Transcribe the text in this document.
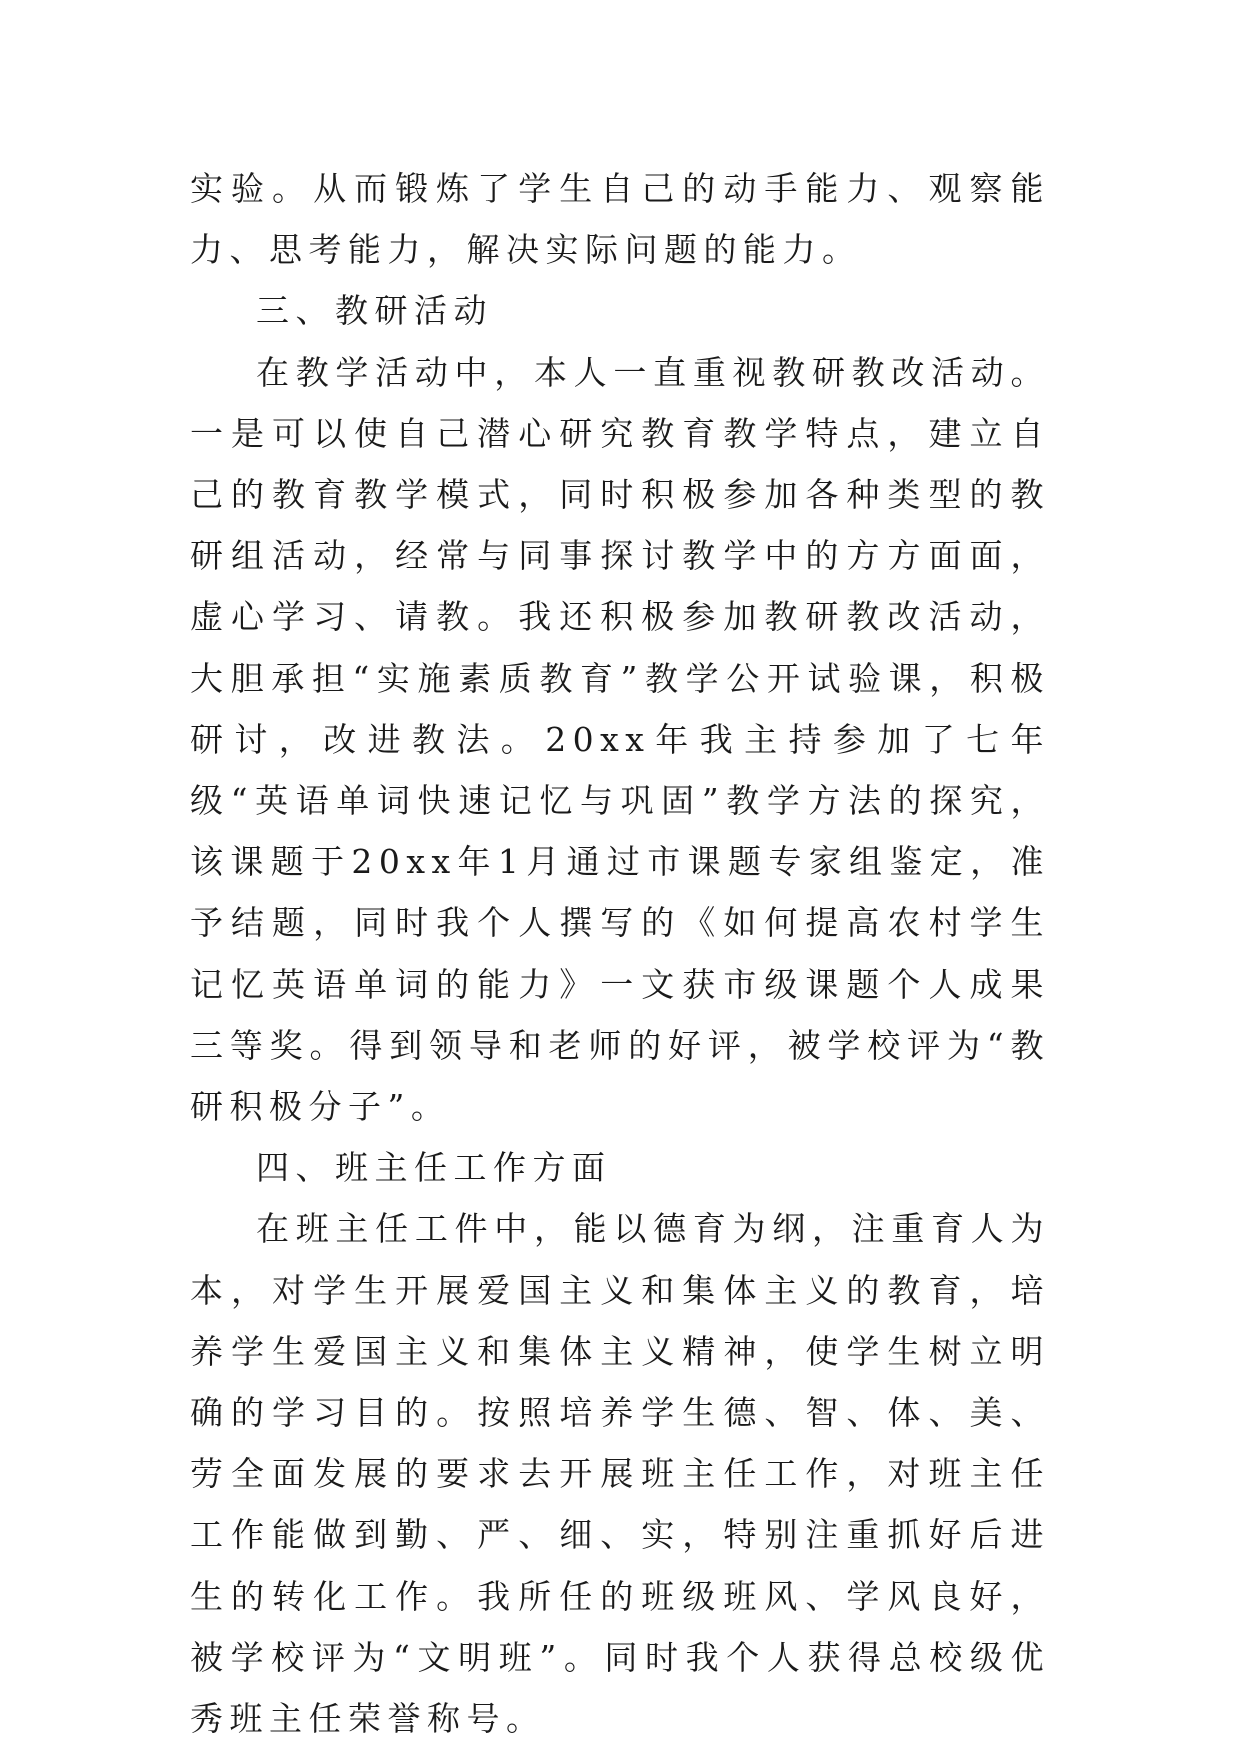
实验。从而锻炼了学生自己的动手能力、观察能力、思考能力，解决实际问题的能力。

三、教研活动

在教学活动中，本人一直重视教研教改活动。一是可以使自己潜心研究教育教学特点，建立自己的教育教学模式，同时积极参加各种类型的教研组活动，经常与同事探讨教学中的方方面面，虚心学习、请教。我还积极参加教研教改活动，大胆承担“实施素质教育”教学公开试验课，积极研讨，改进教法。20xx年我主持参加了七年级“英语单词快速记忆与巩固”教学方法的探究，该课题于20xx年1月通过市课题专家组鉴定，准予结题，同时我个人撰写的《如何提高农村学生记忆英语单词的能力》一文获市级课题个人成果三等奖。得到领导和老师的好评，被学校评为“教研积极分子”。

四、班主任工作方面

在班主任工件中，能以德育为纲，注重育人为本，对学生开展爱国主义和集体主义的教育，培养学生爱国主义和集体主义精神，使学生树立明确的学习目的。按照培养学生德、智、体、美、劳全面发展的要求去开展班主任工作，对班主任工作能做到勤、严、细、实，特别注重抓好后进生的转化工作。我所任的班级班风、学风良好，被学校评为“文明班”。同时我个人获得总校级优秀班主任荣誉称号。
